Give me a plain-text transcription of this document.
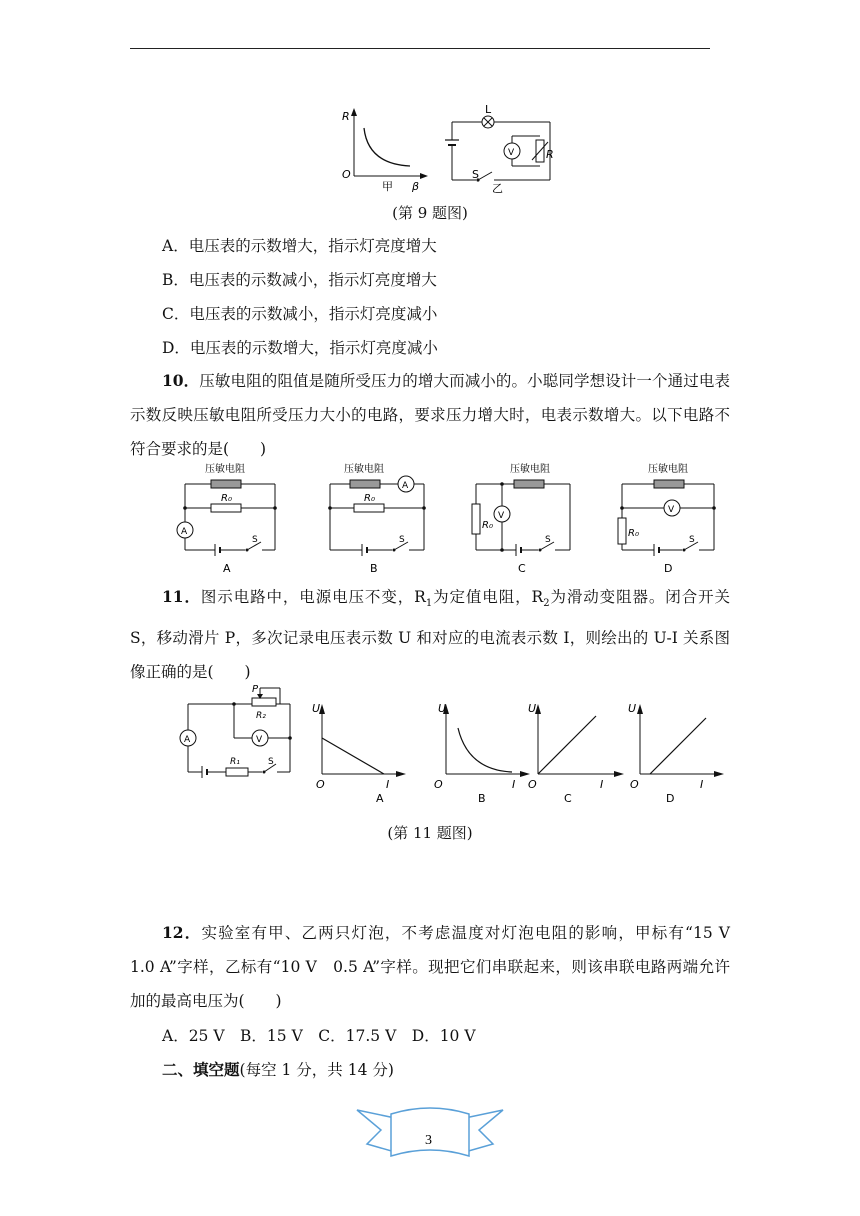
R
O
β
甲
L
V	R
S
乙
(第 9 题图)
A．电压表的示数增大，指示灯亮度增大
B．电压表的示数减小，指示灯亮度增大
C．电压表的示数减小，指示灯亮度减小
D．电压表的示数增大，指示灯亮度减小
10．压敏电阻的阻值是随所受压力的增大而减小的。小聪同学想设计一个通过电表示数反映压敏电阻所受压力大小的电路，要求压力增大时，电表示数增大。以下电路不符合要求的是(　　)
压敏电阻
R₀
A
S
A
压敏电阻
A
R₀
S
B
压敏电阻
R₀
V
S
C
压敏电阻
V
R₀
S
D
11．图示电路中，电源电压不变，$R_1$为定值电阻，$R_2$为滑动变阻器。闭合开关 S，移动滑片 P，多次记录电压表示数 U 和对应的电流表示数 I，则绘出的 U-I 关系图像正确的是(　　)
A
P
R₂
V
R₁	S
U
O	I
A
U
O	I
B
U
O	I
C
U
O	I
D
(第 11 题图)
12．实验室有甲、乙两只灯泡，不考虑温度对灯泡电阻的影响，甲标有“15 V　1.0 A”字样，乙标有“10 V　0.5 A”字样。现把它们串联起来，则该串联电路两端允许加的最高电压为(　　)
A．25 V　B．15 V　C．17.5 V　D．10 V
二、填空题(每空 1 分，共 14 分)
3
